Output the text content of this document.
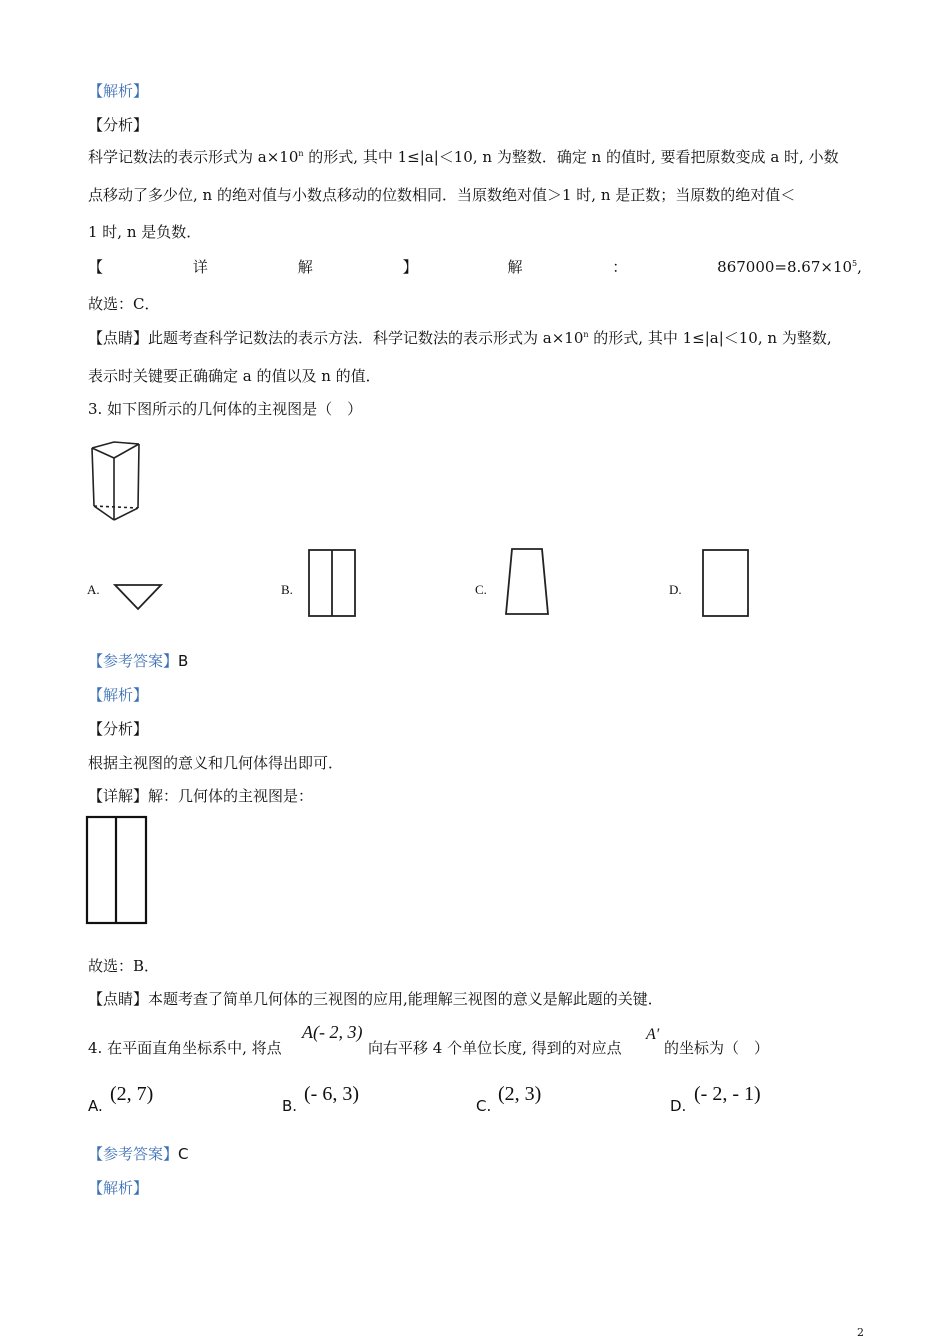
【解析】
【分析】
科学记数法的表示形式为 $a\times 10^n$ 的形式, 其中 1≤|a|＜10, n 为整数．确定 n 的值时, 要看把原数变成 a 时, 小数
点移动了多少位, n 的绝对值与小数点移动的位数相同．当原数绝对值＞1 时, n 是正数；当原数的绝对值＜
1 时, n 是负数．
【	详	解	】	解	：	$867000=8.67\times 10^5$,
故选：C．
【点睛】此题考查科学记数法的表示方法．科学记数法的表示形式为 $a\times 10^n$ 的形式, 其中 1≤|a|＜10, n 为整数,
表示时关键要正确确定 a 的值以及 n 的值．
3. 如下图所示的几何体的主视图是（　）
A.	B.	C.	D.
【参考答案】B
【解析】
【分析】
根据主视图的意义和几何体得出即可．
【详解】解：几何体的主视图是：
故选：B．
【点睛】本题考查了简单几何体的三视图的应用,能理解三视图的意义是解此题的关键．
4. 在平面直角坐标系中, 将点
A(- 2, 3)
向右平移 4 个单位长度, 得到的对应点
A′
的坐标为（　）
A.
(2, 7)
B.
(- 6, 3)
C.
(2, 3)
D.
(- 2, - 1)
【参考答案】C
【解析】
2
